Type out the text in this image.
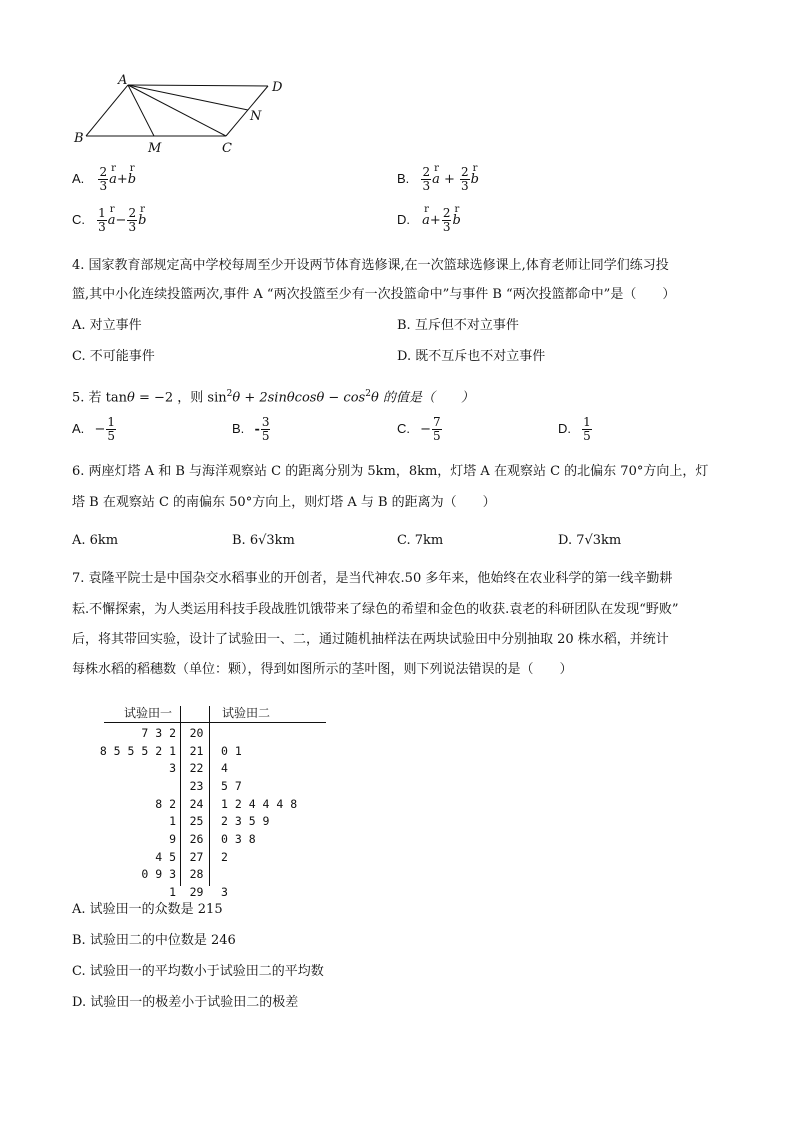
A	D
N
B
M	C
A. $\frac{2}{3}$ r a+r b	B. $\frac{2}{3}$ r $a + \frac{2}{3}$ r b
C. $\frac{1}{3}$ r $a- \frac{2}{3}$ r b	D. r $a+ \frac{2}{3}$ r b
4. 国家教育部规定高中学校每周至少开设两节体育选修课,在一次篮球选修课上,体育老师让同学们练习投
篮,其中小化连续投篮两次,事件 A “两次投篮至少有一次投篮命中”与事件 B “两次投篮都命中”是（　　）
A. 对立事件	B. 互斥但不对立事件
C. 不可能事件	D. 既不互斥也不对立事件
5. 若 tanθ = −2 ，则 $\sin^2\theta + 2\sin\theta\cos\theta - \cos^2\theta$ 的值是（　　）
A. − $\frac{1}{5}$	B. - $\frac{3}{5}$	C. − $\frac{7}{5}$	D. $\frac{1}{5}$
6. 两座灯塔 A 和 B 与海洋观察站 C 的距离分别为 5km，8km，灯塔 A 在观察站 C 的北偏东 70°方向上，灯
塔 B 在观察站 C 的南偏东 50°方向上，则灯塔 A 与 B 的距离为（　　）
A. 6km	B. 6√3km	C. 7km	D. 7√3km
7. 袁隆平院士是中国杂交水稻事业的开创者，是当代神农.50 多年来，他始终在农业科学的第一线辛勤耕
耘.不懈探索，为人类运用科技手段战胜饥饿带来了绿色的希望和金色的收获.袁老的科研团队在发现“野败”
后，将其带回实验，设计了试验田一、二，通过随机抽样法在两块试验田中分别抽取 20 株水稻，并统计
每株水稻的稻穗数（单位：颗），得到如图所示的茎叶图，则下列说法错误的是（　　）
试验田一	试验田二
7 3 2	20	
8 5 5 5 2 1	21	0 1
3	22	4
	23	5 7
8 2	24	1 2 4 4 4 8
1	25	2 3 5 9
9	26	0 3 8
4 5	27	2
0 9 3	28	
1	29	3
A. 试验田一的众数是 215
B. 试验田二的中位数是 246
C. 试验田一的平均数小于试验田二的平均数
D. 试验田一的极差小于试验田二的极差
